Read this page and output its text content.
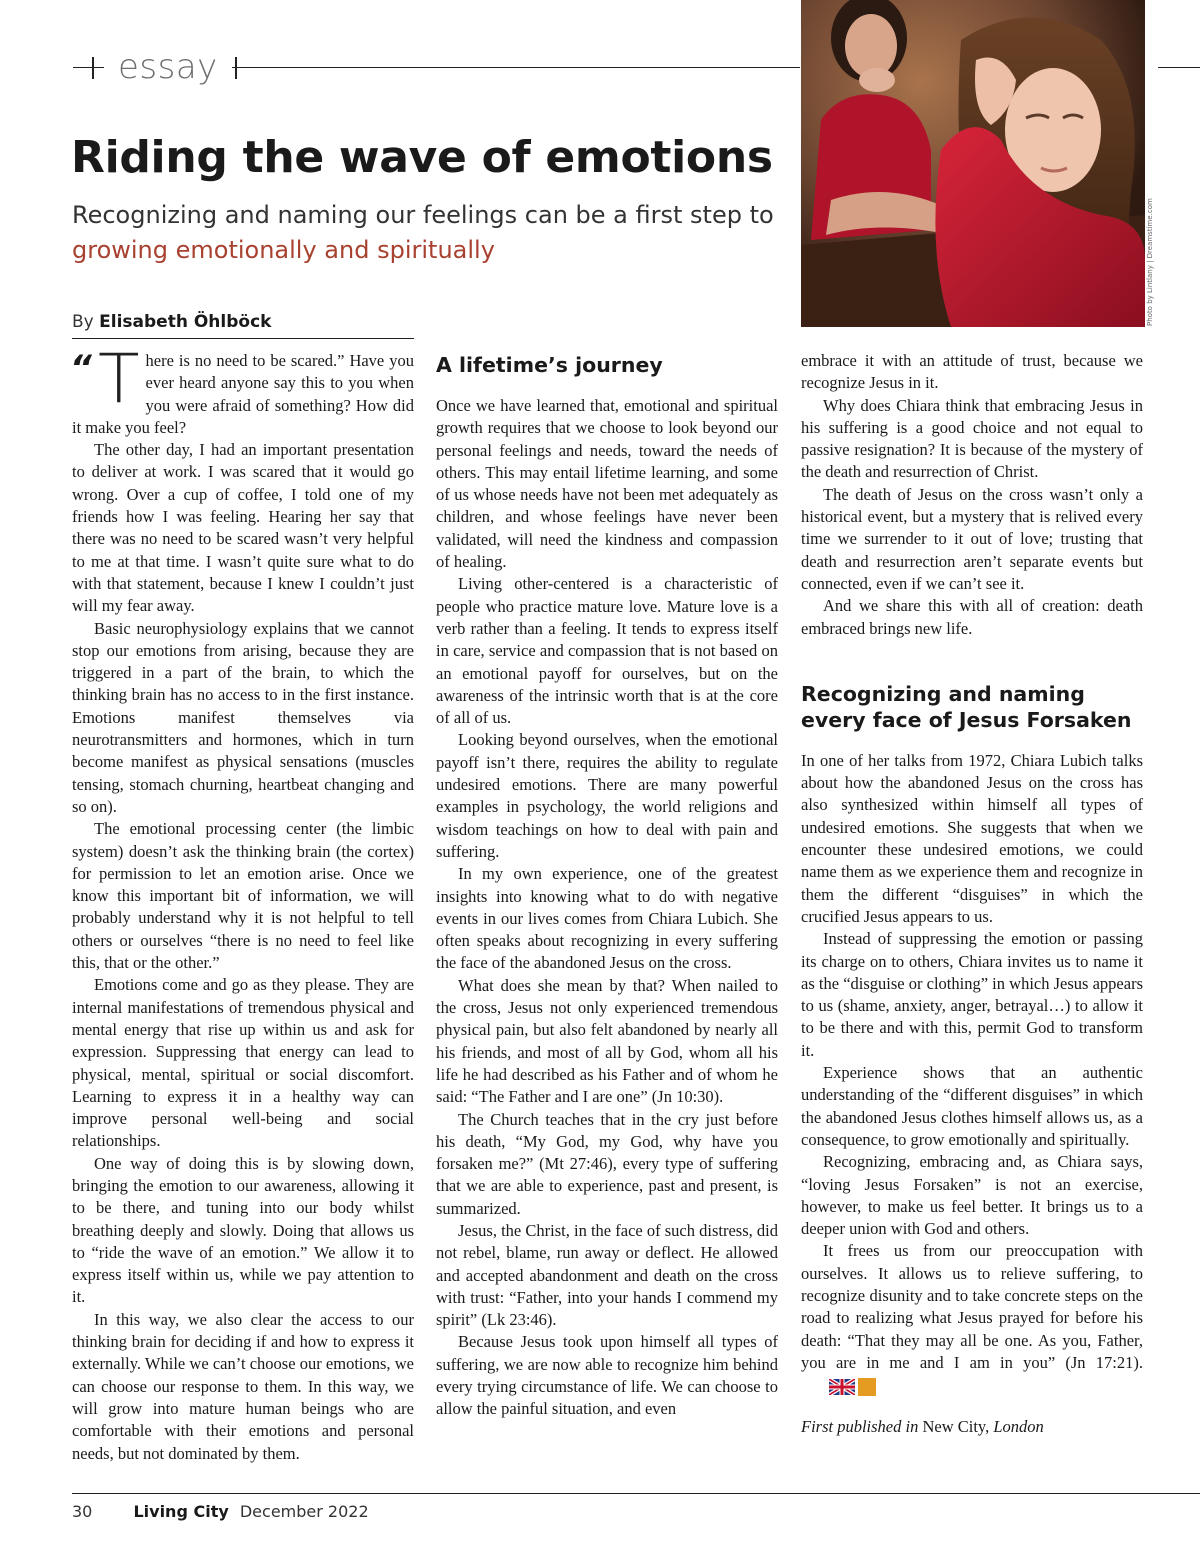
essay
Riding the wave of emotions
Recognizing and naming our feelings can be a first step to growing emotionally and spiritually
By Elisabeth Öhlböck	Photo by Lintlany | Dreamstime.com
“ T here is no need to be scared.” Have you ever heard anyone say this to you when you were afraid of something? How did it make you feel?

The other day, I had an important presentation to deliver at work. I was scared that it would go wrong. Over a cup of coffee, I told one of my friends how I was feeling. Hearing her say that there was no need to be scared wasn’t very helpful to me at that time. I wasn’t quite sure what to do with that statement, because I knew I couldn’t just will my fear away.

Basic neurophysiology explains that we cannot stop our emotions from arising, because they are triggered in a part of the brain, to which the thinking brain has no access to in the first instance. Emotions manifest themselves via neurotransmitters and hormones, which in turn become manifest as physical sensations (muscles tensing, stomach churning, heartbeat changing and so on).

The emotional processing center (the limbic system) doesn’t ask the thinking brain (the cortex) for permission to let an emotion arise. Once we know this important bit of information, we will probably understand why it is not helpful to tell others or ourselves “there is no need to feel like this, that or the other.”

Emotions come and go as they please. They are internal manifestations of tremendous physical and mental energy that rise up within us and ask for expression. Suppressing that energy can lead to physical, mental, spiritual or social discomfort. Learning to express it in a healthy way can improve personal well-being and social relationships.

One way of doing this is by slowing down, bringing the emotion to our awareness, allowing it to be there, and tuning into our body whilst breathing deeply and slowly. Doing that allows us to “ride the wave of an emotion.” We allow it to express itself within us, while we pay attention to it.

In this way, we also clear the access to our thinking brain for deciding if and how to express it externally. While we can’t choose our emotions, we can choose our response to them. In this way, we will grow into mature human beings who are comfortable with their emotions and personal needs, but not dominated by them.

A lifetime’s journey

Once we have learned that, emotional and spiritual growth requires that we choose to look beyond our personal feelings and needs, toward the needs of others. This may entail lifetime learning, and some of us whose needs have not been met adequately as children, and whose feelings have never been validated, will need the kindness and compassion of healing.

Living other-centered is a characteristic of people who practice mature love. Mature love is a verb rather than a feeling. It tends to express itself in care, service and compassion that is not based on an emotional payoff for ourselves, but on the awareness of the intrinsic worth that is at the core of all of us.

Looking beyond ourselves, when the emotional payoff isn’t there, requires the ability to regulate undesired emotions. There are many powerful examples in psychology, the world religions and wisdom teachings on how to deal with pain and suffering.

In my own experience, one of the greatest insights into knowing what to do with negative events in our lives comes from Chiara Lubich. She often speaks about recognizing in every suffering the face of the abandoned Jesus on the cross.

What does she mean by that? When nailed to the cross, Jesus not only experienced tremendous physical pain, but also felt abandoned by nearly all his friends, and most of all by God, whom all his life he had described as his Father and of whom he said: “The Father and I are one” (Jn 10:30).

The Church teaches that in the cry just before his death, “My God, my God, why have you forsaken me?” (Mt 27:46), every type of suffering that we are able to experience, past and present, is summarized.

Jesus, the Christ, in the face of such distress, did not rebel, blame, run away or deflect. He allowed and accepted abandonment and death on the cross with trust: “Father, into your hands I commend my spirit” (Lk 23:46).

Because Jesus took upon himself all types of suffering, we are now able to recognize him behind every trying circumstance of life. We can choose to allow the painful situation, and even

embrace it with an attitude of trust, because we recognize Jesus in it.

Why does Chiara think that embracing Jesus in his suffering is a good choice and not equal to passive resignation? It is because of the mystery of the death and resurrection of Christ.

The death of Jesus on the cross wasn’t only a historical event, but a mystery that is relived every time we surrender to it out of love; trusting that death and resurrection aren’t separate events but connected, even if we can’t see it.

And we share this with all of creation: death embraced brings new life.

Recognizing and naming
every face of Jesus Forsaken

In one of her talks from 1972, Chiara Lubich talks about how the abandoned Jesus on the cross has also synthesized within himself all types of undesired emotions. She suggests that when we encounter these undesired emotions, we could name them as we experience them and recognize in them the different “disguises” in which the crucified Jesus appears to us.

Instead of suppressing the emotion or passing its charge on to others, Chiara invites us to name it as the “disguise or clothing” in which Jesus appears to us (shame, anxiety, anger, betrayal…) to allow it to be there and with this, permit God to transform it.

Experience shows that an authentic understanding of the “different disguises” in which the abandoned Jesus clothes himself allows us, as a consequence, to grow emotionally and spiritually.

Recognizing, embracing and, as Chiara says, “loving Jesus Forsaken” is not an exercise, however, to make us feel better. It brings us to a deeper union with God and others.

It frees us from our preoccupation with ourselves. It allows us to relieve suffering, to recognize disunity and to take concrete steps on the road to realizing what Jesus prayed for before his death: “That they may all be one. As you, Father, you are in me and I am in you” (Jn 17:21). LC

First published in New City, London

30	Living City December 2022
